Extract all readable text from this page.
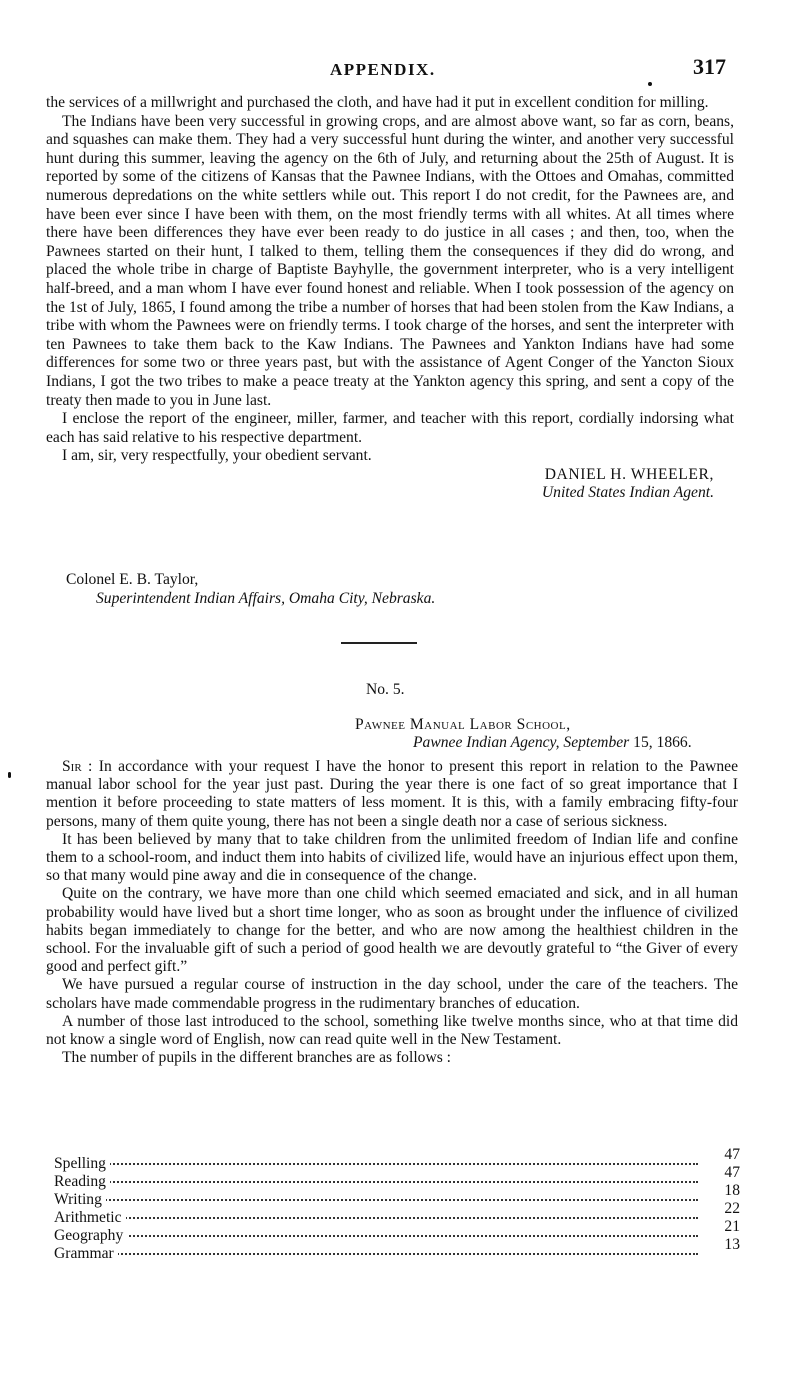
APPENDIX.	317

the services of a millwright and purchased the cloth, and have had it put in excellent condition for milling.

The Indians have been very successful in growing crops, and are almost above want, so far as corn, beans, and squashes can make them. They had a very successful hunt during the winter, and another very successful hunt during this summer, leaving the agency on the 6th of July, and returning about the 25th of August. It is reported by some of the citizens of Kansas that the Pawnee Indians, with the Ottoes and Omahas, committed numerous depredations on the white settlers while out. This report I do not credit, for the Pawnees are, and have been ever since I have been with them, on the most friendly terms with all whites. At all times where there have been differences they have ever been ready to do justice in all cases ; and then, too, when the Pawnees started on their hunt, I talked to them, telling them the consequences if they did do wrong, and placed the whole tribe in charge of Baptiste Bayhylle, the government interpreter, who is a very intelligent half-breed, and a man whom I have ever found honest and reliable. When I took possession of the agency on the 1st of July, 1865, I found among the tribe a number of horses that had been stolen from the Kaw Indians, a tribe with whom the Pawnees were on friendly terms. I took charge of the horses, and sent the interpreter with ten Pawnees to take them back to the Kaw Indians. The Pawnees and Yankton Indians have had some differences for some two or three years past, but with the assistance of Agent Conger of the Yancton Sioux Indians, I got the two tribes to make a peace treaty at the Yankton agency this spring, and sent a copy of the treaty then made to you in June last.

I enclose the report of the engineer, miller, farmer, and teacher with this report, cordially indorsing what each has said relative to his respective department.

I am, sir, very respectfully, your obedient servant.

DANIEL H. WHEELER,
United States Indian Agent.
Colonel E. B. Taylor,
Superintendent Indian Affairs, Omaha City, Nebraska.
No. 5.
Pawnee Manual Labor School,
Pawnee Indian Agency, September 15, 1866.

Sir : In accordance with your request I have the honor to present this report in relation to the Pawnee manual labor school for the year just past. During the year there is one fact of so great importance that I mention it before proceeding to state matters of less moment. It is this, with a family embracing fifty-four persons, many of them quite young, there has not been a single death nor a case of serious sickness.

It has been believed by many that to take children from the unlimited freedom of Indian life and confine them to a school-room, and induct them into habits of civilized life, would have an injurious effect upon them, so that many would pine away and die in consequence of the change.

Quite on the contrary, we have more than one child which seemed emaciated and sick, and in all human probability would have lived but a short time longer, who as soon as brought under the influence of civilized habits began immediately to change for the better, and who are now among the healthiest children in the school. For the invaluable gift of such a period of good health we are devoutly grateful to “the Giver of every good and perfect gift.”

We have pursued a regular course of instruction in the day school, under the care of the teachers. The scholars have made commendable progress in the rudimentary branches of education.

A number of those last introduced to the school, something like twelve months since, who at that time did not know a single word of English, now can read quite well in the New Testament.

The number of pupils in the different branches are as follows :

Spelling
47
Reading
47
Writing
18
Arithmetic
22
Geography
21
Grammar
13
